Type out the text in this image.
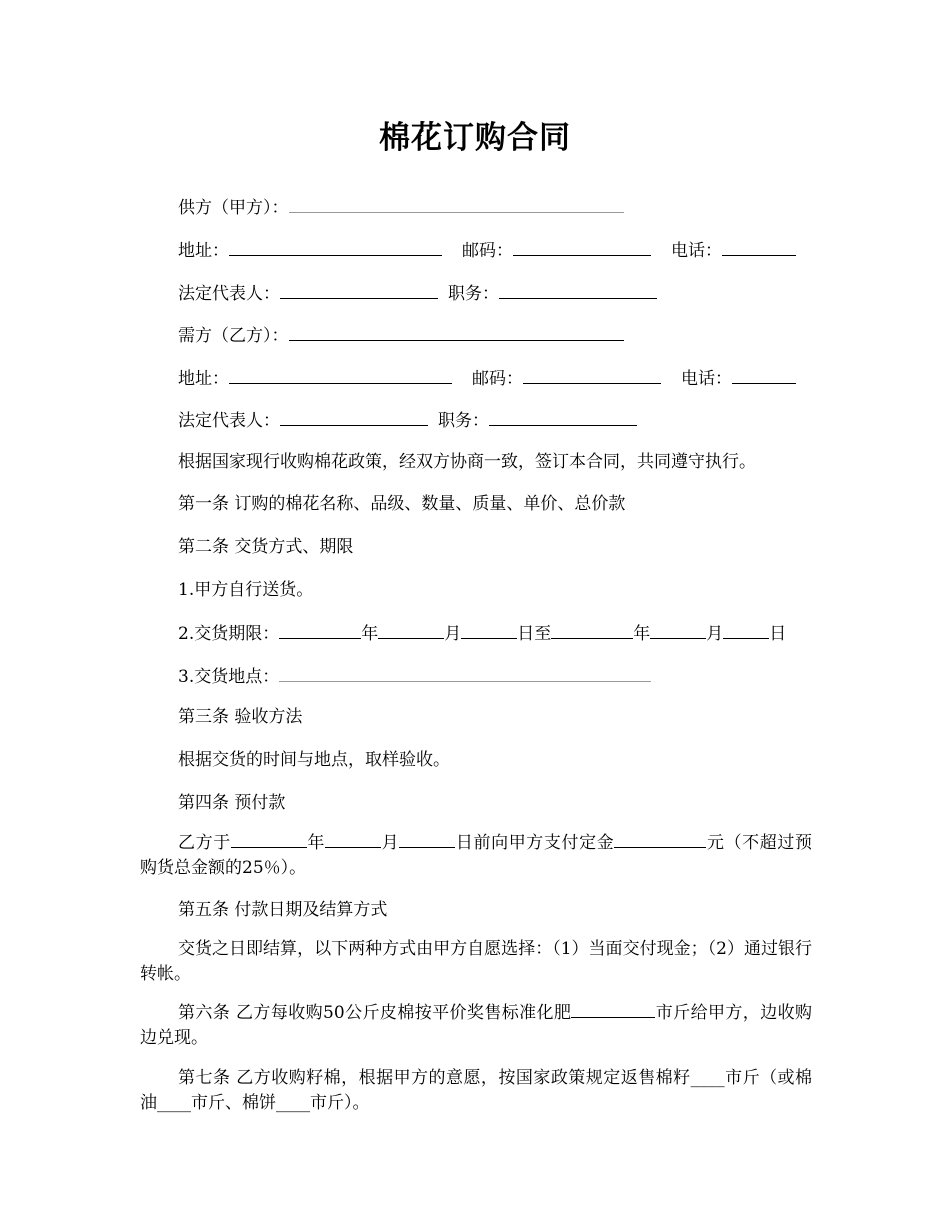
棉花订购合同
供方（甲方）：
地址：	邮码：	电话：
法定代表人：	职务：
需方（乙方）：
地址：	邮码：	电话：
法定代表人：	职务：
根据国家现行收购棉花政策，经双方协商一致，签订本合同，共同遵守执行。
第一条 订购的棉花名称、品级、数量、质量、单价、总价款
第二条 交货方式、期限
1.甲方自行送货。
2.交货期限：	年	月	日至	年	月	日
3.交货地点：
第三条 验收方法
根据交货的时间与地点，取样验收。
第四条 预付款
乙方于	年	月	日前向甲方支付定金	元（不超过预购货总金额的25％）。
第五条 付款日期及结算方式
交货之日即结算，以下两种方式由甲方自愿选择：（1）当面交付现金；（2）通过银行转帐。
第六条 乙方每收购50公斤皮棉按平价奖售标准化肥	市斤给甲方，边收购边兑现。
第七条 乙方收购籽棉，根据甲方的意愿，按国家政策规定返售棉籽____市斤（或棉油____市斤、棉饼____市斤）。
